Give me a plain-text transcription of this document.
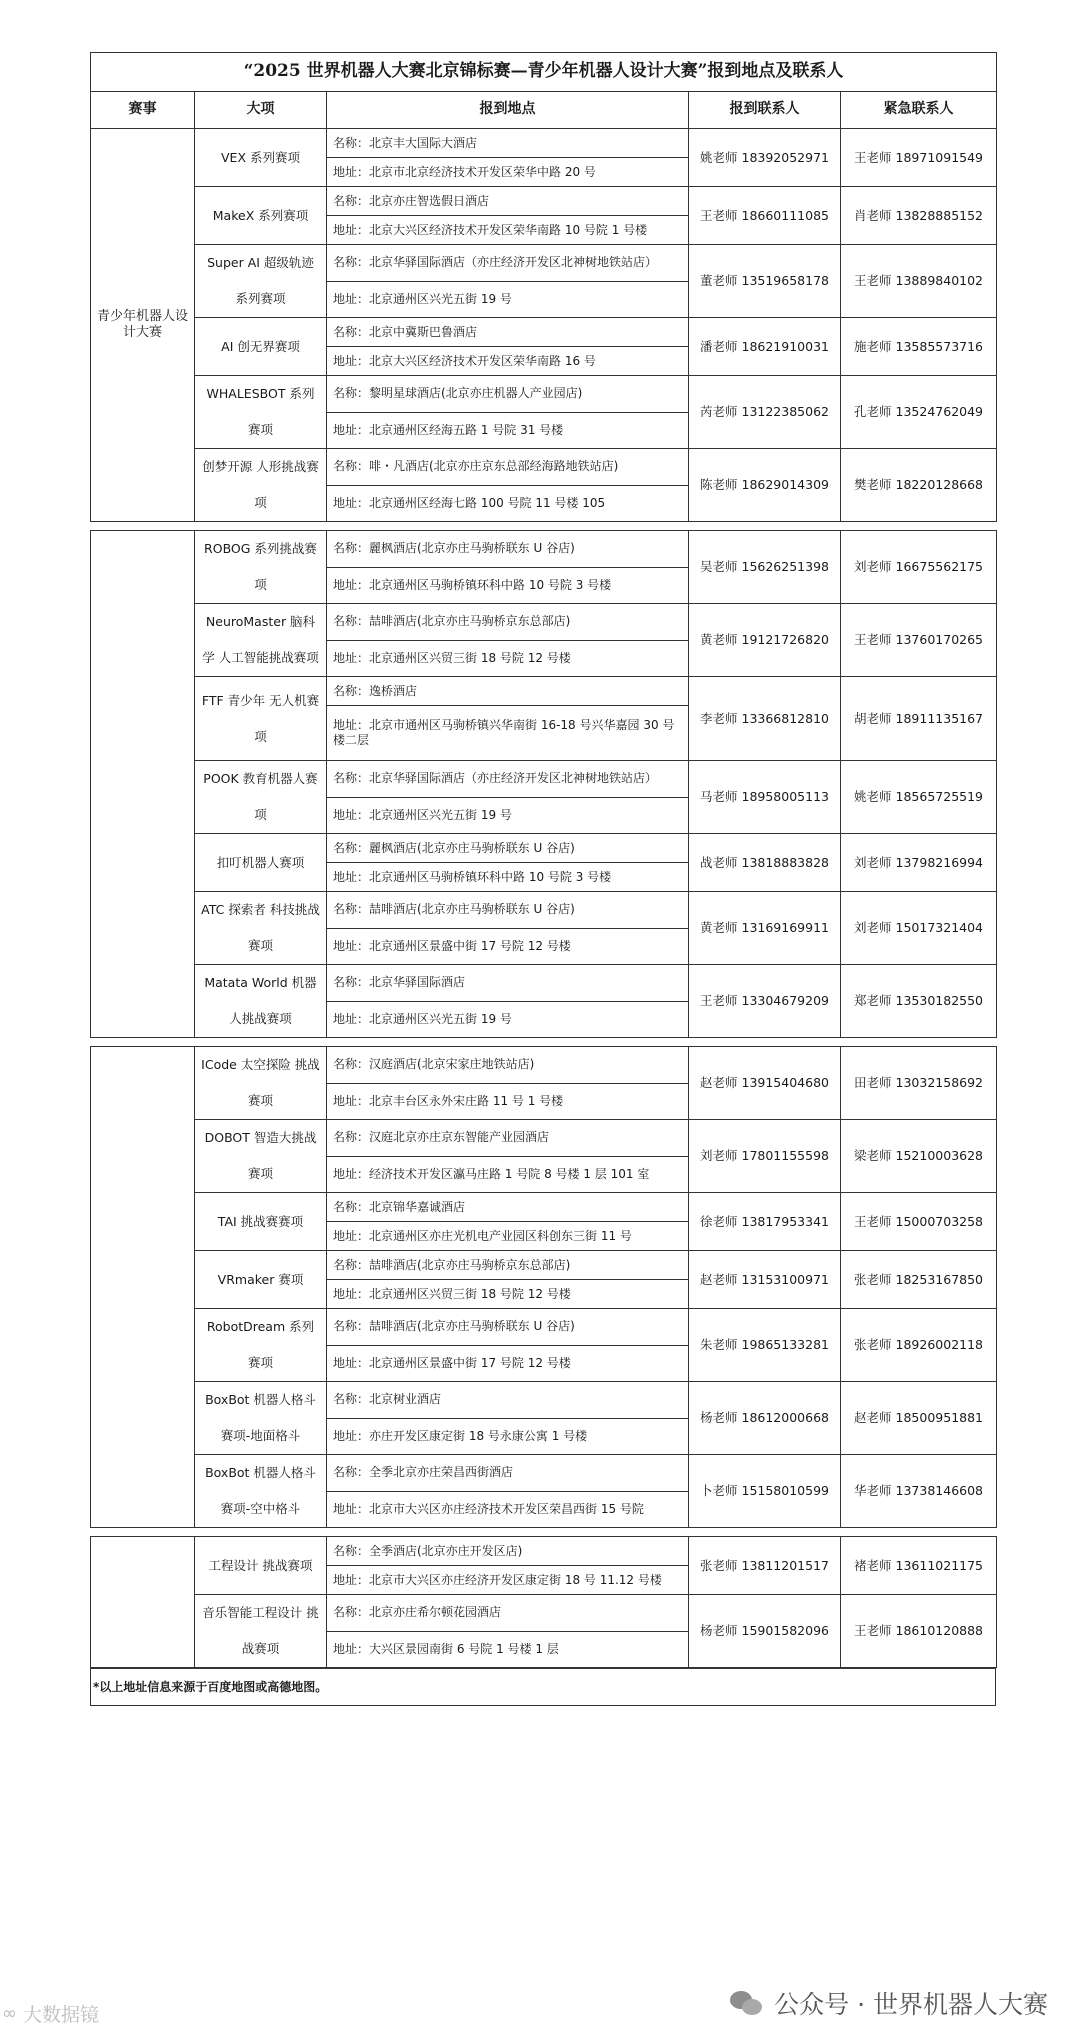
“2025 世界机器人大赛北京锦标赛—青少年机器人设计大赛”报到地点及联系人				
赛事	大项	报到地点	报到联系人	紧急联系人
青少年机器人设计大赛	VEX 系列赛项	名称：北京丰大国际大酒店	姚老师 18392052971	王老师 18971091549
		地址：北京市北京经济技术开发区荣华中路 20 号		
	MakeX 系列赛项	名称：北京亦庄智选假日酒店	王老师 18660111085	肖老师 13828885152
		地址：北京大兴区经济技术开发区荣华南路 10 号院 1 号楼		
	Super AI 超级轨迹系列赛项	名称：北京华驿国际酒店（亦庄经济开发区北神树地铁站店）	董老师 13519658178	王老师 13889840102
		地址：北京通州区兴光五街 19 号		
	AI 创无界赛项	名称：北京中冀斯巴鲁酒店	潘老师 18621910031	施老师 13585573716
		地址：北京大兴区经济技术开发区荣华南路 16 号		
	WHALESBOT 系列赛项	名称：黎明星球酒店(北京亦庄机器人产业园店)	芮老师 13122385062	孔老师 13524762049
		地址：北京通州区经海五路 1 号院 31 号楼		
	创梦开源 人形挑战赛项	名称：啡・凡酒店(北京亦庄京东总部经海路地铁站店)	陈老师 18629014309	樊老师 18220128668
		地址：北京通州区经海七路 100 号院 11 号楼 105		

	ROBOG 系列挑战赛项	名称：麗枫酒店(北京亦庄马驹桥联东 U 谷店)	吴老师 15626251398	刘老师 16675562175
		地址：北京通州区马驹桥镇环科中路 10 号院 3 号楼		
	NeuroMaster 脑科学 人工智能挑战赛项	名称：喆啡酒店(北京亦庄马驹桥京东总部店)	黄老师 19121726820	王老师 13760170265
		地址：北京通州区兴贸三街 18 号院 12 号楼		
	FTF 青少年 无人机赛项	名称：逸桥酒店	李老师 13366812810	胡老师 18911135167
		地址：北京市通州区马驹桥镇兴华南街 16-18 号兴华嘉园 30 号楼二层		
	POOK 教育机器人赛项	名称：北京华驿国际酒店（亦庄经济开发区北神树地铁站店）	马老师 18958005113	姚老师 18565725519
		地址：北京通州区兴光五街 19 号		
	扣叮机器人赛项	名称：麗枫酒店(北京亦庄马驹桥联东 U 谷店)	战老师 13818883828	刘老师 13798216994
		地址：北京通州区马驹桥镇环科中路 10 号院 3 号楼		
	ATC 探索者 科技挑战赛项	名称：喆啡酒店(北京亦庄马驹桥联东 U 谷店)	黄老师 13169169911	刘老师 15017321404
		地址：北京通州区景盛中街 17 号院 12 号楼		
	Matata World 机器人挑战赛项	名称：北京华驿国际酒店	王老师 13304679209	郑老师 13530182550
		地址：北京通州区兴光五街 19 号		

	ICode 太空探险 挑战赛项	名称：汉庭酒店(北京宋家庄地铁站店)	赵老师 13915404680	田老师 13032158692
		地址：北京丰台区永外宋庄路 11 号 1 号楼		
	DOBOT 智造大挑战赛项	名称：汉庭北京亦庄京东智能产业园酒店	刘老师 17801155598	梁老师 15210003628
		地址：经济技术开发区瀛马庄路 1 号院 8 号楼 1 层 101 室		
	TAI 挑战赛赛项	名称：北京锦华嘉诚酒店	徐老师 13817953341	王老师 15000703258
		地址：北京通州区亦庄光机电产业园区科创东三街 11 号		
	VRmaker 赛项	名称：喆啡酒店(北京亦庄马驹桥京东总部店)	赵老师 13153100971	张老师 18253167850
		地址：北京通州区兴贸三街 18 号院 12 号楼		
	RobotDream 系列赛项	名称：喆啡酒店(北京亦庄马驹桥联东 U 谷店)	朱老师 19865133281	张老师 18926002118
		地址：北京通州区景盛中街 17 号院 12 号楼		
	BoxBot 机器人格斗 赛项-地面格斗	名称：北京树业酒店	杨老师 18612000668	赵老师 18500951881
		地址：亦庄开发区康定街 18 号永康公寓 1 号楼		
	BoxBot 机器人格斗 赛项-空中格斗	名称：全季北京亦庄荣昌西街酒店	卜老师 15158010599	华老师 13738146608
		地址：北京市大兴区亦庄经济技术开发区荣昌西街 15 号院		

	工程设计 挑战赛项	名称：全季酒店(北京亦庄开发区店)	张老师 13811201517	褚老师 13611021175
		地址：北京市大兴区亦庄经济开发区康定街 18 号 11.12 号楼		
	音乐智能工程设计 挑战赛项	名称：北京亦庄希尔顿花园酒店	杨老师 15901582096	王老师 18610120888
		地址：大兴区景园南街 6 号院 1 号楼 1 层		
*以上地址信息来源于百度地图或高德地图。
公众号 · 世界机器人大赛
∞ 大数据镜
